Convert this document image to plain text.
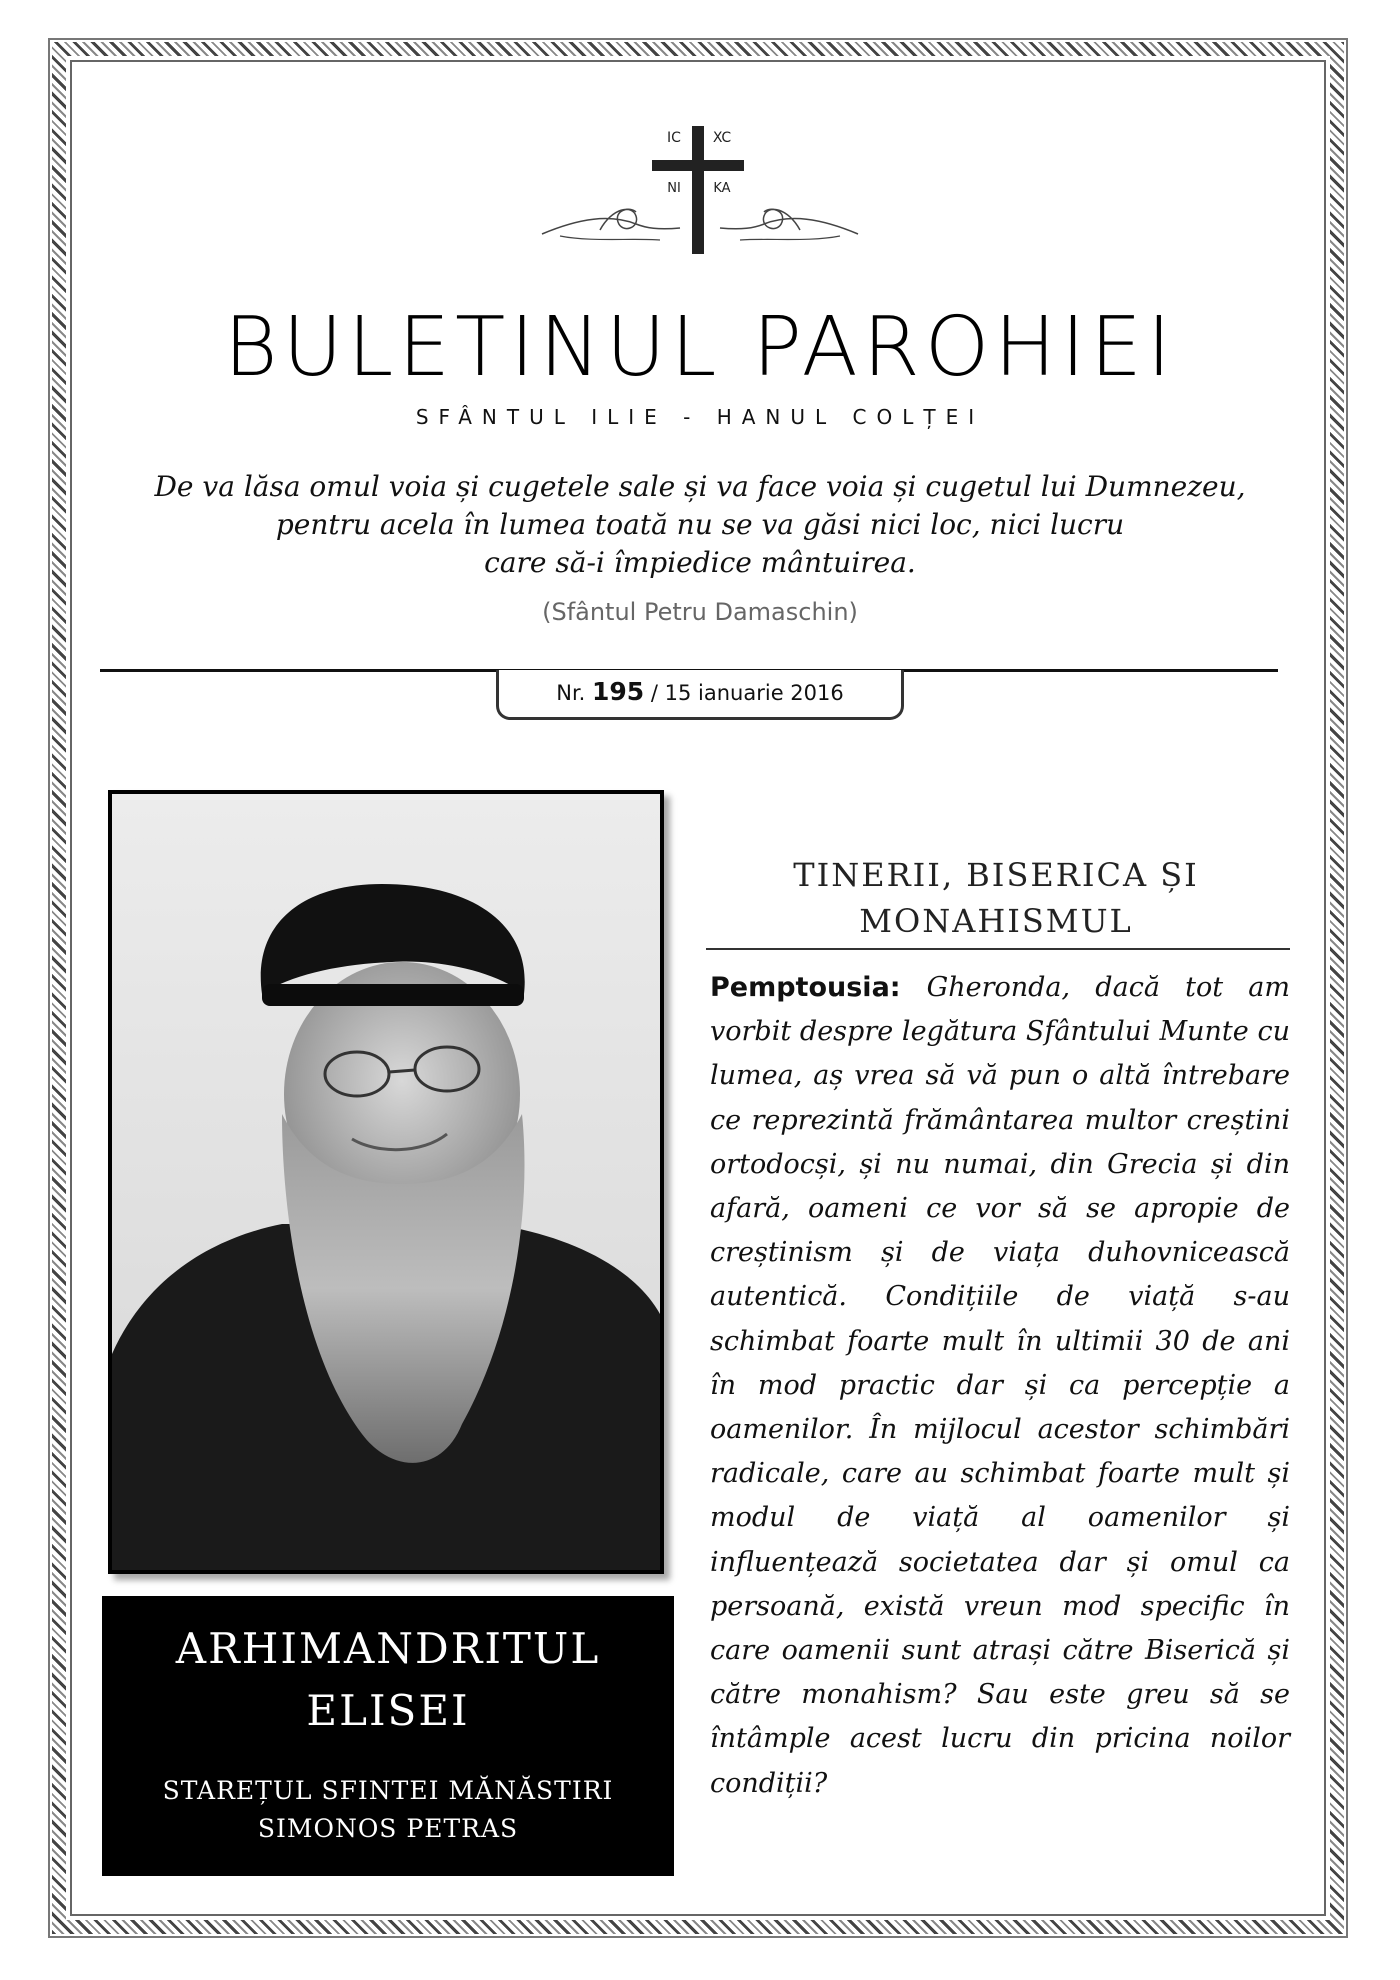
IC XC
NI	KA
BULETINUL PAROHIEI
SFÂNTUL ILIE - HANUL COLȚEI
De va lăsa omul voia și cugetele sale și va face voia și cugetul lui Dumnezeu,
pentru acela în lumea toată nu se va găsi nici loc, nici lucru
care să-i împiedice mântuirea.
(Sfântul Petru Damaschin)
Nr. 195 / 15 ianuarie 2016
ARHIMANDRITUL
ELISEI
STAREȚUL SFINTEI MĂNĂSTIRI
SIMONOS PETRAS
TINERII, BISERICA ȘI
MONAHISMUL

Pemptousia: Gheronda, dacă tot am vorbit despre legătura Sfântului Munte cu lumea, aș vrea să vă pun o altă întrebare ce reprezintă frământarea multor creștini ortodocși, și nu numai, din Grecia și din afară, oameni ce vor să se apropie de creștinism și de viața duhovnicească autentică. Condițiile de viață s-au schimbat foarte mult în ultimii 30 de ani în mod practic dar și ca percepție a oamenilor. În mijlocul acestor schimbări radicale, care au schimbat foarte mult și modul de viață al oamenilor și influențează societatea dar și omul ca persoană, există vreun mod specific în care oamenii sunt atrași către Biserică și către monahism? Sau este greu să se întâmple acest lucru din pricina noilor condiții?
